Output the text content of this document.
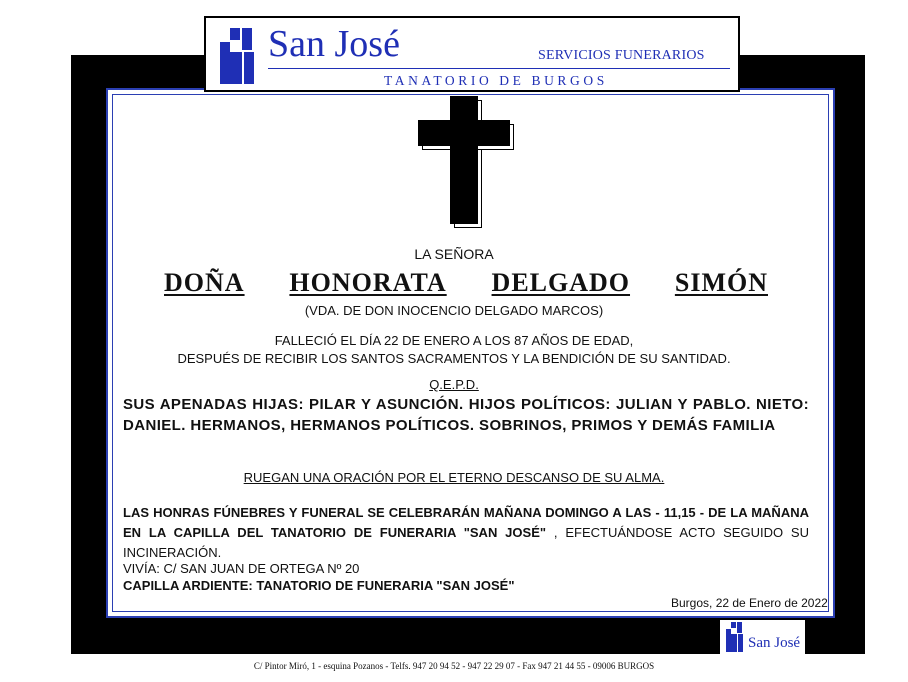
San José	SERVICIOS FUNERARIOS
TANATORIO DE BURGOS
LA SEÑORA
DOÑA HONORATA DELGADO SIMÓN
(VDA. DE DON INOCENCIO DELGADO MARCOS)
FALLECIÓ EL DÍA 22 DE ENERO A LOS 87 AÑOS DE EDAD,
DESPUÉS DE RECIBIR LOS SANTOS SACRAMENTOS Y LA BENDICIÓN DE SU SANTIDAD.
Q.E.P.D.
SUS APENADAS HIJAS: PILAR Y ASUNCIÓN. HIJOS POLÍTICOS: JULIAN Y PABLO. NIETO: DANIEL. HERMANOS, HERMANOS POLÍTICOS. SOBRINOS, PRIMOS Y DEMÁS FAMILIA
RUEGAN UNA ORACIÓN POR EL ETERNO DESCANSO DE SU ALMA.
LAS HONRAS FÚNEBRES Y FUNERAL SE CELEBRARÁN MAÑANA DOMINGO A LAS - 11,15 - DE LA MAÑANA EN LA CAPILLA DEL TANATORIO DE FUNERARIA "SAN JOSÉ" , EFECTUÁNDOSE ACTO SEGUIDO SU INCINERACIÓN.
VIVÍA: C/ SAN JUAN DE ORTEGA Nº 20
CAPILLA ARDIENTE: TANATORIO DE FUNERARIA "SAN JOSÉ"
Burgos, 22 de Enero de 2022
San José
C/ Pintor Miró, 1 - esquina Pozanos - Telfs. 947 20 94 52 - 947 22 29 07 - Fax 947 21 44 55 - 09006 BURGOS
